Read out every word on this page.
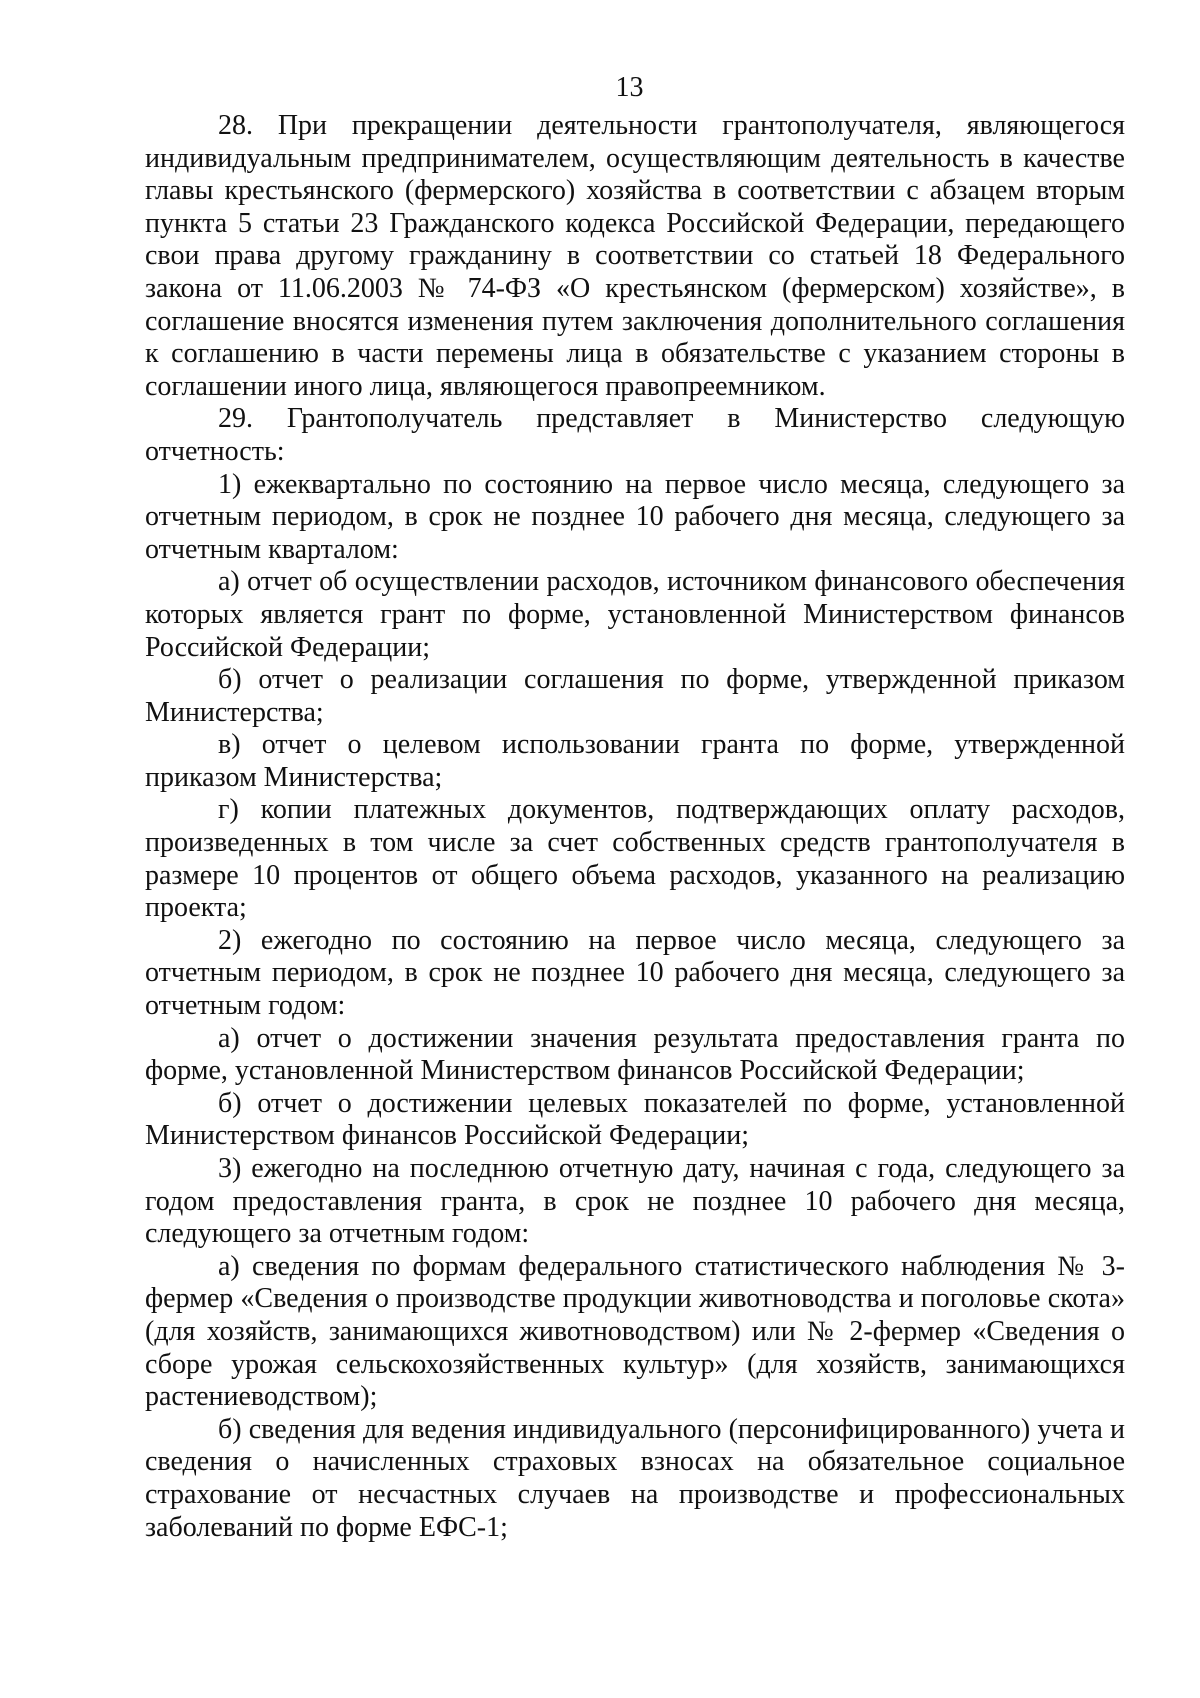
13

28. При прекращении деятельности грантополучателя, являющегося индивидуальным предпринимателем, осуществляющим деятельность в качестве главы крестьянского (фермерского) хозяйства в соответствии с абзацем вторым пункта 5 статьи 23 Гражданского кодекса Российской Федерации, передающего свои права другому гражданину в соответствии со статьей 18 Федерального закона от 11.06.2003 № 74-ФЗ «О крестьянском (фермерском) хозяйстве», в соглашение вносятся изменения путем заключения дополнительного соглашения к соглашению в части перемены лица в обязательстве с указанием стороны в соглашении иного лица, являющегося правопреемником.

29. Грантополучатель представляет в Министерство следующую отчетность:

1) ежеквартально по состоянию на первое число месяца, следующего за отчетным периодом, в срок не позднее 10 рабочего дня месяца, следующего за отчетным кварталом:

а) отчет об осуществлении расходов, источником финансового обеспечения которых является грант по форме, установленной Министерством финансов Российской Федерации;

б) отчет о реализации соглашения по форме, утвержденной приказом Министерства;

в) отчет о целевом использовании гранта по форме, утвержденной приказом Министерства;

г) копии платежных документов, подтверждающих оплату расходов, произведенных в том числе за счет собственных средств грантополучателя в размере 10 процентов от общего объема расходов, указанного на реализацию проекта;

2) ежегодно по состоянию на первое число месяца, следующего за отчетным периодом, в срок не позднее 10 рабочего дня месяца, следующего за отчетным годом:

а) отчет о достижении значения результата предоставления гранта по форме, установленной Министерством финансов Российской Федерации;

б) отчет о достижении целевых показателей по форме, установленной Министерством финансов Российской Федерации;

3) ежегодно на последнюю отчетную дату, начиная с года, следующего за годом предоставления гранта, в срок не позднее 10 рабочего дня месяца, следующего за отчетным годом:

а) сведения по формам федерального статистического наблюдения № 3-фермер «Сведения о производстве продукции животноводства и поголовье скота» (для хозяйств, занимающихся животноводством) или № 2-фермер «Сведения о сборе урожая сельскохозяйственных культур» (для хозяйств, занимающихся растениеводством);

б) сведения для ведения индивидуального (персонифицированного) учета и сведения о начисленных страховых взносах на обязательное социальное страхование от несчастных случаев на производстве и профессиональных заболеваний по форме ЕФС-1;
